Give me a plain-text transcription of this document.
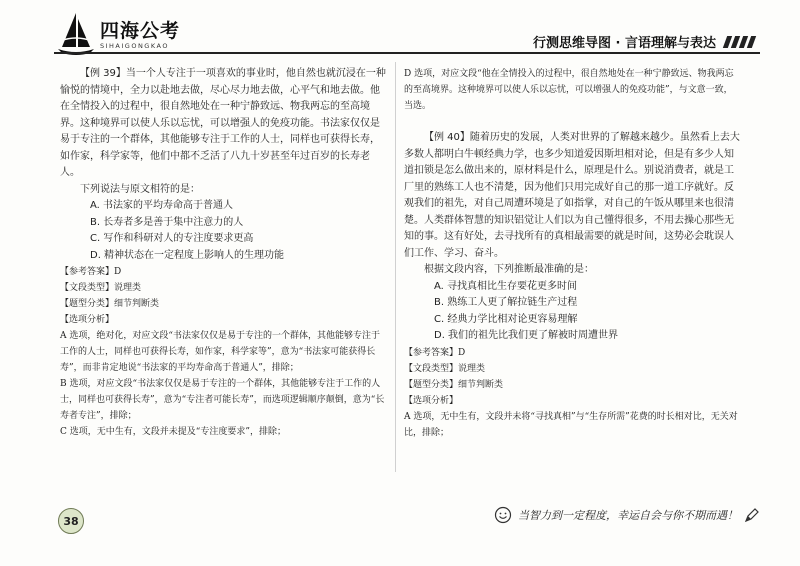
四海公考
SIHAIGONGKAO	行测思维导图 · 言语理解与表达

【例 39】当一个人专注于一项喜欢的事业时，他自然也就沉浸在一种愉悦的情境中，全力以赴地去做，尽心尽力地去做，心平气和地去做。他在全情投入的过程中，很自然地处在一种宁静致远、物我两忘的至高境界。这种境界可以使人乐以忘忧，可以增强人的免疫功能。书法家仅仅是易于专注的一个群体，其他能够专注于工作的人士，同样也可获得长寿，如作家，科学家等，他们中都不乏活了八九十岁甚至年过百岁的长寿老人。

下列说法与原文相符的是：

A. 书法家的平均寿命高于普通人

B. 长寿者多是善于集中注意力的人

C. 写作和科研对人的专注度要求更高

D. 精神状态在一定程度上影响人的生理功能

【参考答案】D

【文段类型】说理类

【题型分类】细节判断类

【选项分析】

A 选项，绝对化，对应文段“书法家仅仅是易于专注的一个群体，其他能够专注于工作的人士，同样也可获得长寿，如作家，科学家等”，意为“书法家可能获得长寿”，而非肯定地说“书法家的平均寿命高于普通人”，排除；

B 选项，对应文段“书法家仅仅是易于专注的一个群体，其他能够专注于工作的人士，同样也可获得长寿”，意为“专注者可能长寿”，而选项逻辑顺序颠倒，意为“长寿者专注”，排除；

C 选项，无中生有，文段并未提及“专注度要求”，排除；

D 选项，对应文段“他在全情投入的过程中，很自然地处在一种宁静致远、物我两忘的至高境界。这种境界可以使人乐以忘忧，可以增强人的免疫功能”，与文意一致，当选。

【例 40】随着历史的发展，人类对世界的了解越来越少。虽然看上去大多数人都明白牛顿经典力学，也多少知道爱因斯坦相对论，但是有多少人知道扣锁是怎么做出来的，原材料是什么，原理是什么。别说消费者，就是工厂里的熟练工人也不清楚，因为他们只用完成好自己的那一道工序就好。反观我们的祖先，对自己周遭环境是了如指掌，对自己的午饭从哪里来也很清楚。人类群体智慧的知识铝觉让人们以为自己懂得很多，不用去操心那些无知的事。这有好处，去寻找所有的真相最需要的就是时间，这势必会耽误人们工作、学习、奋斗。

根据文段内容，下列推断最准确的是：

A. 寻找真相比生存要花更多时间

B. 熟练工人更了解拉链生产过程

C. 经典力学比相对论更容易理解

D. 我们的祖先比我们更了解被时周遭世界

【参考答案】D

【文段类型】说理类

【题型分类】细节判断类

【选项分析】

A 选项，无中生有，文段并未将“寻找真相”与“生存所需”花费的时长相对比，无关对比，排除；

38	当智力到一定程度，幸运自会与你不期而遇！
